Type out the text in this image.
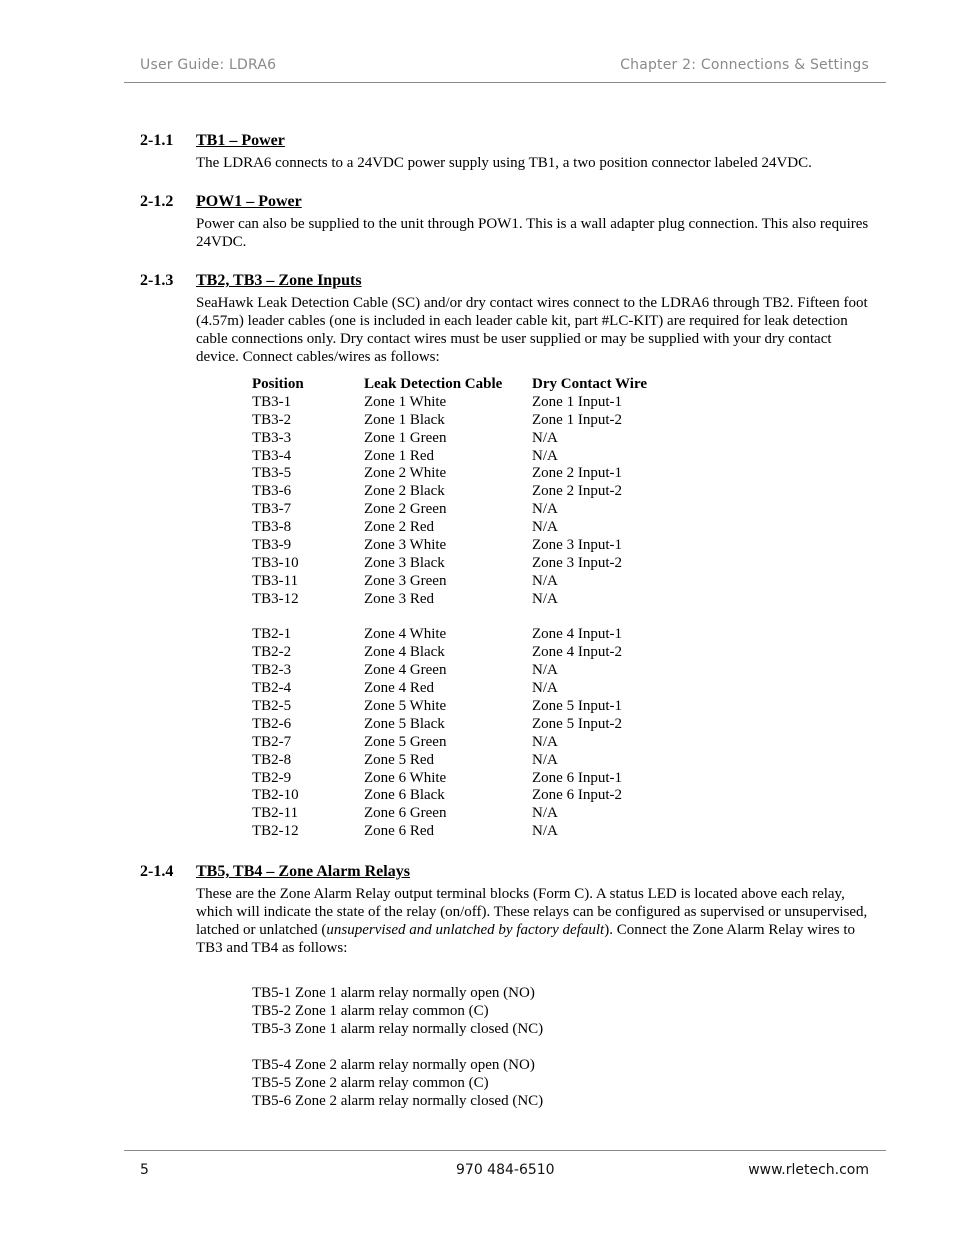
User Guide: LDRA6	Chapter 2: Connections & Settings
2-1.1	TB1 – Power
The LDRA6 connects to a 24VDC power supply using TB1, a two position connector labeled 24VDC.
2-1.2	POW1 – Power
Power can also be supplied to the unit through POW1. This is a wall adapter plug connection. This also requires 24VDC.
2-1.3	TB2, TB3 – Zone Inputs
SeaHawk Leak Detection Cable (SC) and/or dry contact wires connect to the LDRA6 through TB2. Fifteen foot (4.57m) leader cables (one is included in each leader cable kit, part #LC-KIT) are required for leak detection cable connections only. Dry contact wires must be user supplied or may be supplied with your dry contact device. Connect cables/wires as follows:
Position	Leak Detection Cable	Dry Contact Wire
TB3-1	Zone 1 White	Zone 1 Input-1
TB3-2	Zone 1 Black	Zone 1 Input-2
TB3-3	Zone 1 Green	N/A
TB3-4	Zone 1 Red	N/A
TB3-5	Zone 2 White	Zone 2 Input-1
TB3-6	Zone 2 Black	Zone 2 Input-2
TB3-7	Zone 2 Green	N/A
TB3-8	Zone 2 Red	N/A
TB3-9	Zone 3 White	Zone 3 Input-1
TB3-10	Zone 3 Black	Zone 3 Input-2
TB3-11	Zone 3 Green	N/A
TB3-12	Zone 3 Red	N/A
TB2-1	Zone 4 White	Zone 4 Input-1
TB2-2	Zone 4 Black	Zone 4 Input-2
TB2-3	Zone 4 Green	N/A
TB2-4	Zone 4 Red	N/A
TB2-5	Zone 5 White	Zone 5 Input-1
TB2-6	Zone 5 Black	Zone 5 Input-2
TB2-7	Zone 5 Green	N/A
TB2-8	Zone 5 Red	N/A
TB2-9	Zone 6 White	Zone 6 Input-1
TB2-10	Zone 6 Black	Zone 6 Input-2
TB2-11	Zone 6 Green	N/A
TB2-12	Zone 6 Red	N/A
2-1.4	TB5, TB4 – Zone Alarm Relays
These are the Zone Alarm Relay output terminal blocks (Form C). A status LED is located above each relay, which will indicate the state of the relay (on/off). These relays can be configured as supervised or unsupervised, latched or unlatched (unsupervised and unlatched by factory default). Connect the Zone Alarm Relay wires to TB3 and TB4 as follows:
TB5-1 Zone 1 alarm relay normally open (NO)
TB5-2 Zone 1 alarm relay common (C)
TB5-3 Zone 1 alarm relay normally closed (NC)
TB5-4 Zone 2 alarm relay normally open (NO)
TB5-5 Zone 2 alarm relay common (C)
TB5-6 Zone 2 alarm relay normally closed (NC)
5	970 484-6510	www.rletech.com
